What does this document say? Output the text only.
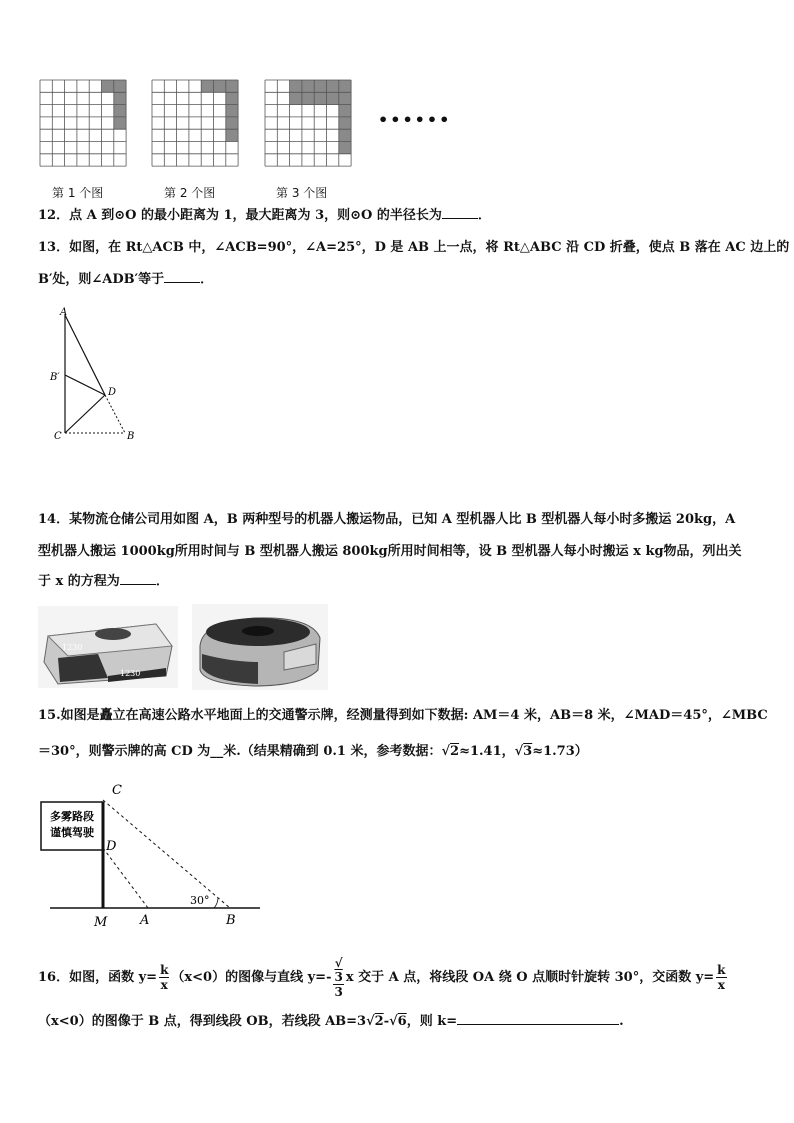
••••••
第 1 个图	第 2 个图	第 3 个图
12．点 A 到⊙O 的最小距离为 1，最大距离为 3，则⊙O 的半径长为	．
13．如图，在 Rt△ACB 中，∠ACB=90°，∠A=25°，D 是 AB 上一点，将 Rt△ABC 沿 CD 折叠，使点 B 落在 AC 边上的
B′处，则∠ADB′等于	．
A
B′
D
C	B
14．某物流仓储公司用如图 A，B 两种型号的机器人搬运物品，已知 A 型机器人比 B 型机器人每小时多搬运 20kg，A
型机器人搬运 1000kg所用时间与 B 型机器人搬运 800kg所用时间相等，设 B 型机器人每小时搬运 x kg物品，列出关
于 x 的方程为	．
1230
1230
15.如图是矗立在高速公路水平地面上的交通警示牌，经测量得到如下数据: AM＝4 米，AB＝8 米，∠MAD＝45°，∠MBC
＝30°，则警示牌的高 CD 为__米.（结果精确到 0.1 米，参考数据：√2≈1.41，√3≈1.73）
多雾路段
谨慎驾驶
C
D
M	A	B
30°
16．如图，函数 $y= \frac{k}{x} (x<0)$的图像与直线 y=- √
3
3 x 交于 A 点，将线段 OA 绕 O 点顺时针旋转 30°，交函数 $y= \frac{k}{x}$
（x<0）的图像于 B 点，得到线段 OB，若线段 AB=3√2-√6，则 k=	.
